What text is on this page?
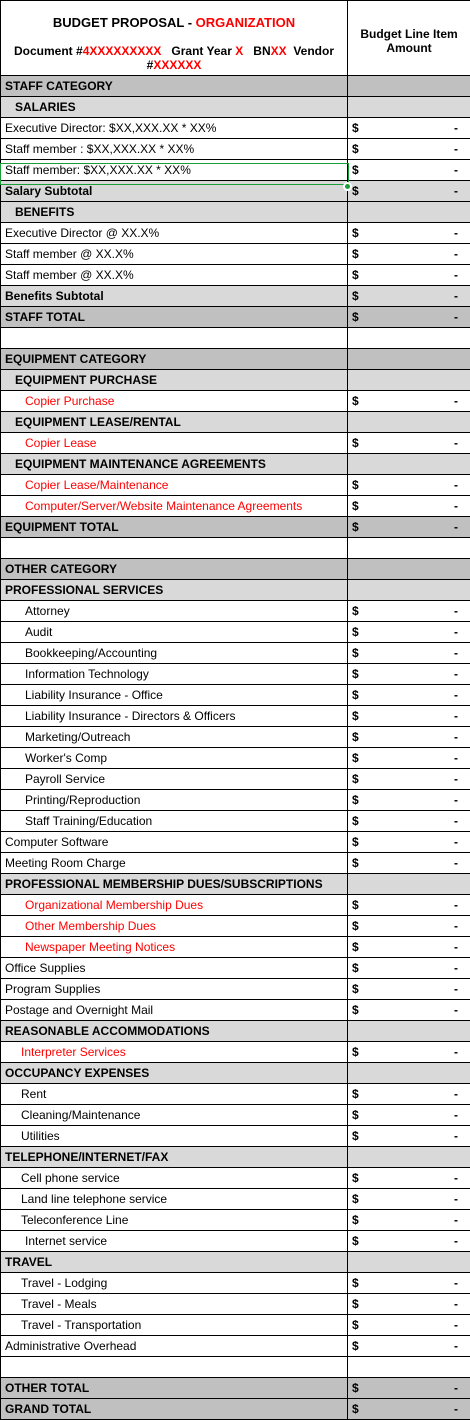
BUDGET PROPOSAL - ORGANIZATION
Document #4XXXXXXXXX Grant Year X BNXX Vendor
#XXXXXX	Budget Line Item Amount
STAFF CATEGORY	
SALARIES	
Executive Director: $XX,XXX.XX * XX%	$ -

Staff member : $XX,XXX.XX * XX%	$ -

Staff member: $XX,XXX.XX * XX%	$ -

Salary Subtotal	$ -

BENEFITS	
Executive Director @ XX.X%	$ -

Staff member @ XX.X%	$ -

Staff member @ XX.X%	$ -

Benefits Subtotal	$ -

STAFF TOTAL	$ -

EQUIPMENT CATEGORY	
EQUIPMENT PURCHASE	
Copier Purchase	$ -

EQUIPMENT LEASE/RENTAL	
Copier Lease	$ -

EQUIPMENT MAINTENANCE AGREEMENTS	
Copier Lease/Maintenance	$ -

Computer/Server/Website Maintenance Agreements	$ -

EQUIPMENT TOTAL	$ -

OTHER CATEGORY	
PROFESSIONAL SERVICES	
Attorney	$ -

Audit	$ -

Bookkeeping/Accounting	$ -

Information Technology	$ -

Liability Insurance - Office	$ -

Liability Insurance - Directors & Officers	$ -

Marketing/Outreach	$ -

Worker's Comp	$ -

Payroll Service	$ -

Printing/Reproduction	$ -

Staff Training/Education	$ -

Computer Software	$ -

Meeting Room Charge	$ -

PROFESSIONAL MEMBERSHIP DUES/SUBSCRIPTIONS	
Organizational Membership Dues	$ -

Other Membership Dues	$ -

Newspaper Meeting Notices	$ -

Office Supplies	$ -

Program Supplies	$ -

Postage and Overnight Mail	$ -

REASONABLE ACCOMMODATIONS	
Interpreter Services	$ -

OCCUPANCY EXPENSES	
Rent	$ -

Cleaning/Maintenance	$ -

Utilities	$ -

TELEPHONE/INTERNET/FAX	
Cell phone service	$ -

Land line telephone service	$ -

Teleconference Line	$ -

Internet service	$ -

TRAVEL	
Travel - Lodging	$ -

Travel - Meals	$ -

Travel - Transportation	$ -

Administrative Overhead	$ -

OTHER TOTAL	$ -

GRAND TOTAL	$ -
